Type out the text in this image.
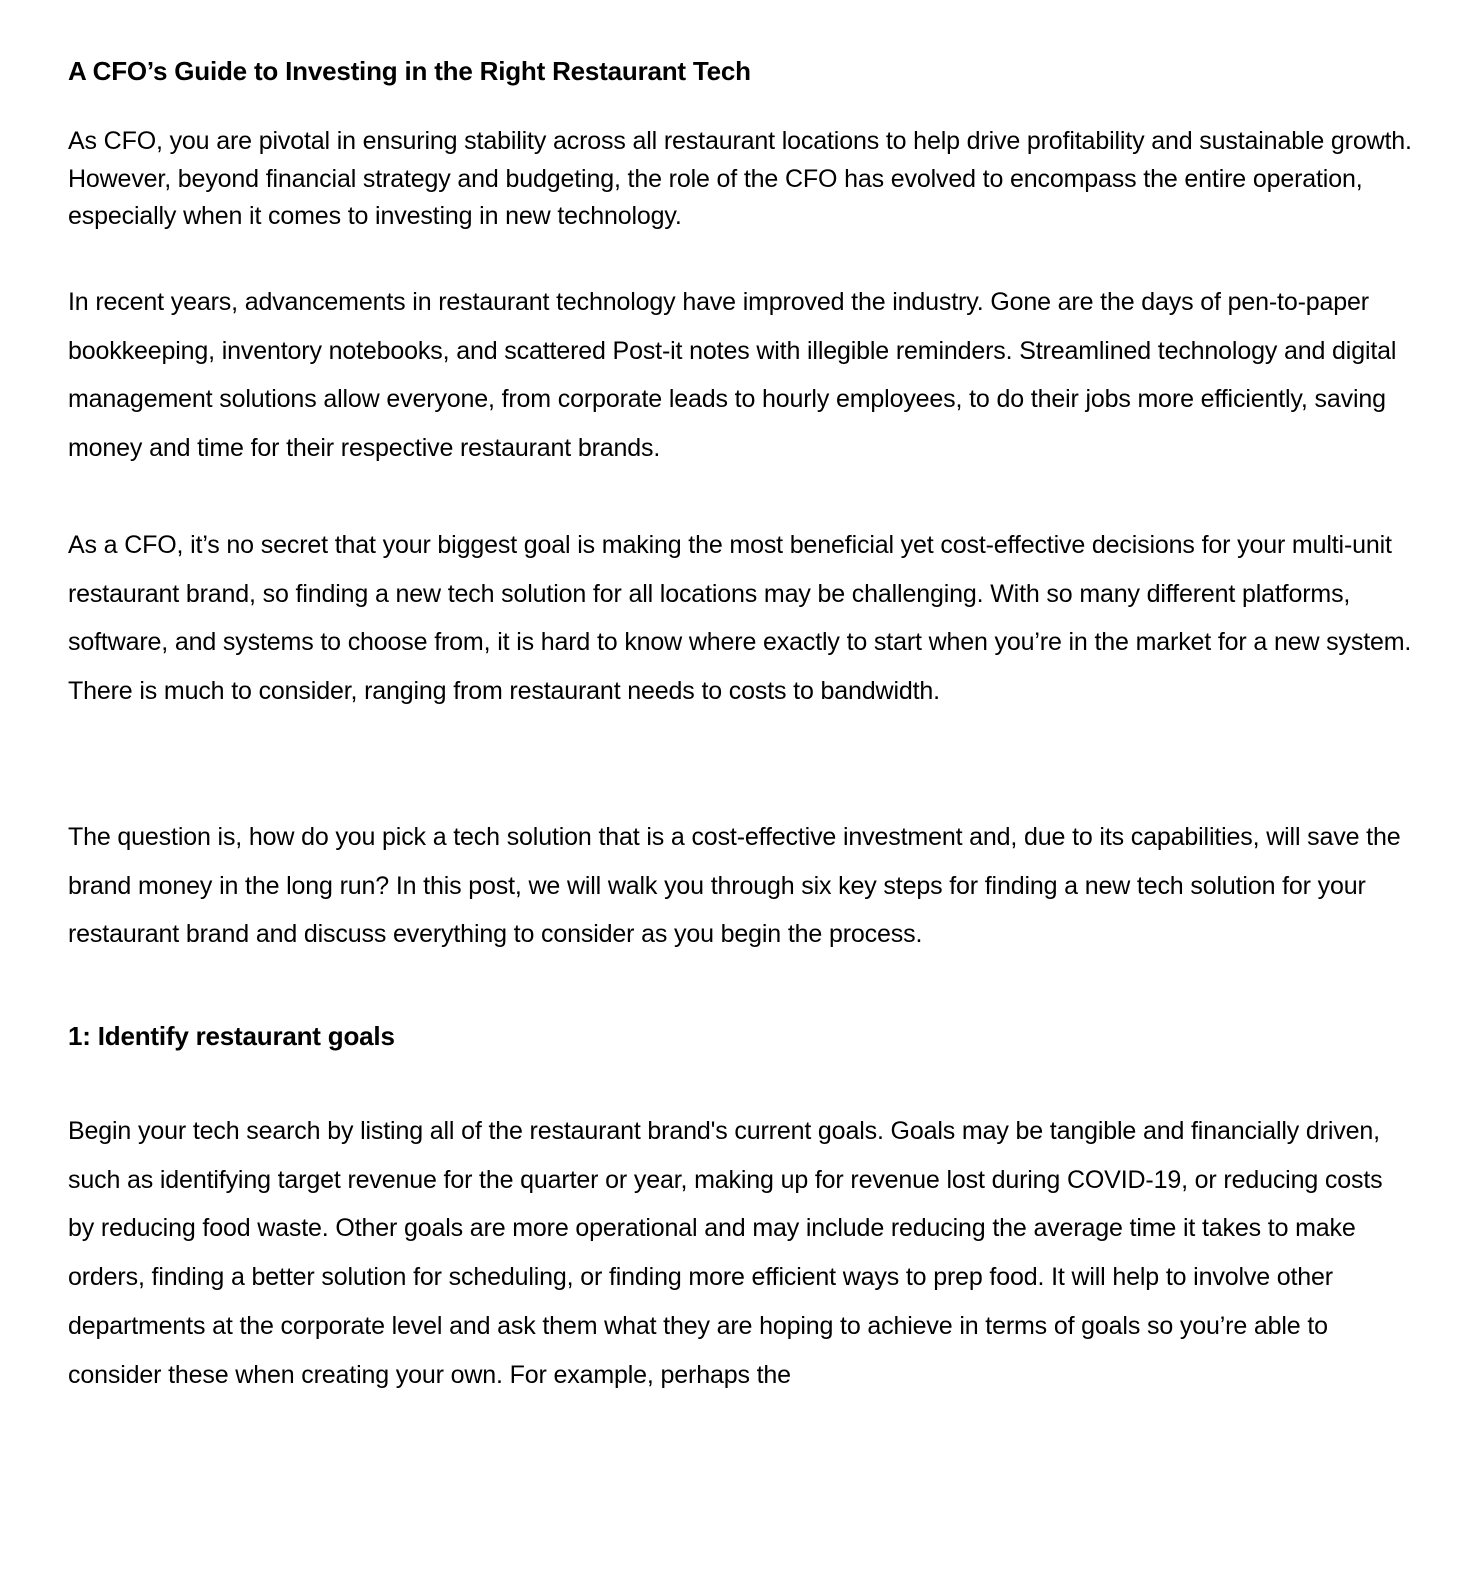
A CFO’s Guide to Investing in the Right Restaurant Tech

As CFO, you are pivotal in ensuring stability across all restaurant locations to help drive profitability and sustainable growth. However, beyond financial strategy and budgeting, the role of the CFO has evolved to encompass the entire operation, especially when it comes to investing in new technology.

In recent years, advancements in restaurant technology have improved the industry. Gone are the days of pen-to-paper bookkeeping, inventory notebooks, and scattered Post-it notes with illegible reminders. Streamlined technology and digital management solutions allow everyone, from corporate leads to hourly employees, to do their jobs more efficiently, saving money and time for their respective restaurant brands.

As a CFO, it’s no secret that your biggest goal is making the most beneficial yet cost-effective decisions for your multi-unit restaurant brand, so finding a new tech solution for all locations may be challenging. With so many different platforms, software, and systems to choose from, it is hard to know where exactly to start when you’re in the market for a new system. There is much to consider, ranging from restaurant needs to costs to bandwidth.

The question is, how do you pick a tech solution that is a cost-effective investment and, due to its capabilities, will save the brand money in the long run? In this post, we will walk you through six key steps for finding a new tech solution for your restaurant brand and discuss everything to consider as you begin the process.

1: Identify restaurant goals

Begin your tech search by listing all of the restaurant brand's current goals. Goals may be tangible and financially driven, such as identifying target revenue for the quarter or year, making up for revenue lost during COVID-19, or reducing costs by reducing food waste. Other goals are more operational and may include reducing the average time it takes to make orders, finding a better solution for scheduling, or finding more efficient ways to prep food. It will help to involve other departments at the corporate level and ask them what they are hoping to achieve in terms of goals so you’re able to consider these when creating your own. For example, perhaps the
